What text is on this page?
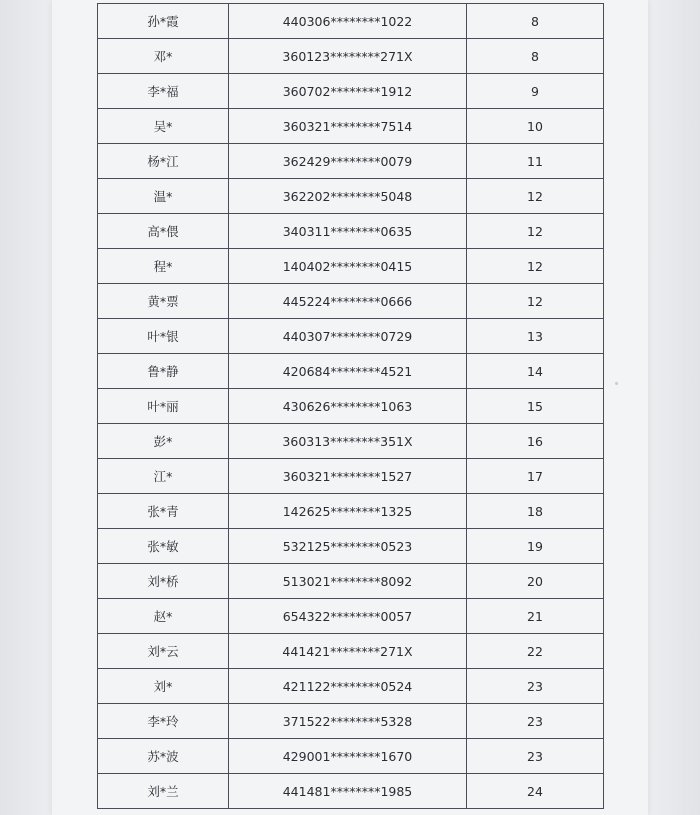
孙*霞	440306********1022	8
邓*	360123********271X	8
李*福	360702********1912	9
吴*	360321********7514	10
杨*江	362429********0079	11
温*	362202********5048	12
高*偎	340311********0635	12
程*	140402********0415	12
黄*票	445224********0666	12
叶*银	440307********0729	13
鲁*静	420684********4521	14
叶*丽	430626********1063	15
彭*	360313********351X	16
江*	360321********1527	17
张*青	142625********1325	18
张*敏	532125********0523	19
刘*桥	513021********8092	20
赵*	654322********0057	21
刘*云	441421********271X	22
刘*	421122********0524	23
李*玲	371522********5328	23
苏*波	429001********1670	23
刘*兰	441481********1985	24
